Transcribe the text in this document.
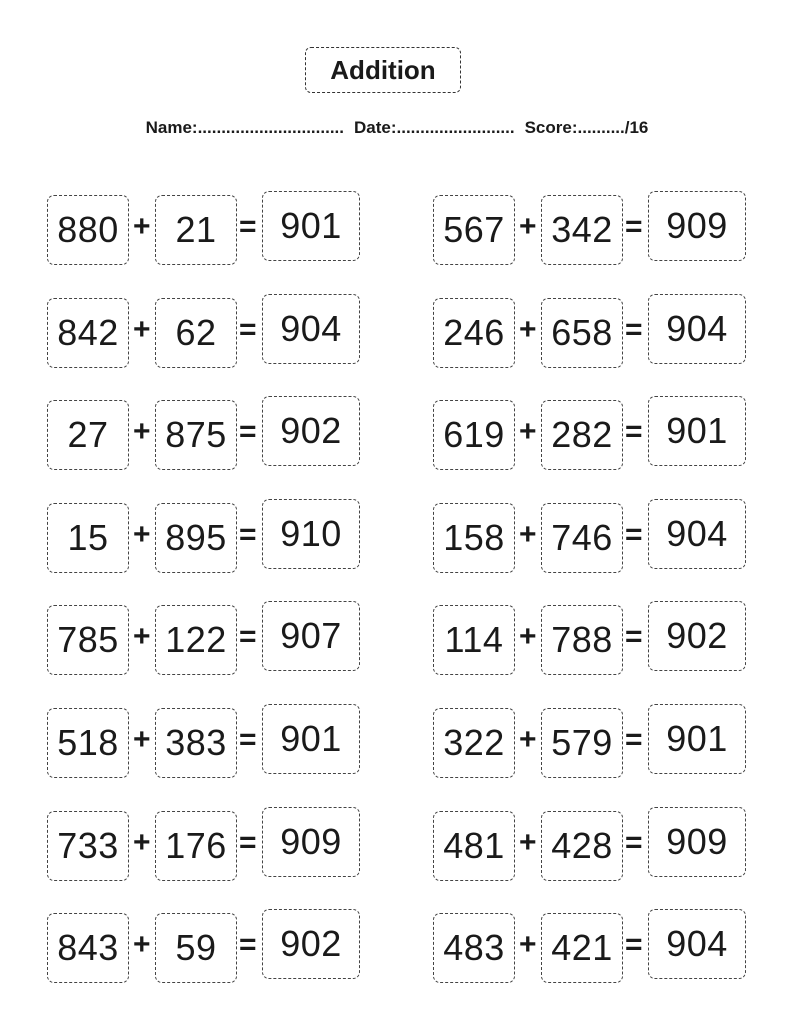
Addition
Name:............................... Date:......................... Score:........../16
880 + 21 = 901	567 + 342 = 909
842 + 62 = 904	246 + 658 = 904
27 + 875 = 902	619 + 282 = 901
15 + 895 = 910	158 + 746 = 904
785 + 122 = 907	114 + 788 = 902
518 + 383 = 901	322 + 579 = 901
733 + 176 = 909	481 + 428 = 909
843 + 59 = 902	483 + 421 = 904
